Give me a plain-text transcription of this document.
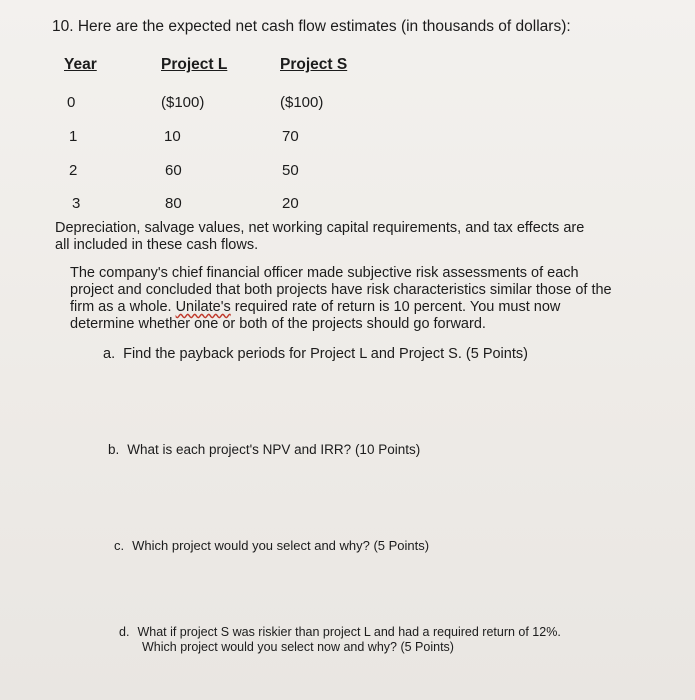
10. Here are the expected net cash flow estimates (in thousands of dollars):
Year	Project L	Project S
0	($100)	($100)
1	10	70
2	60	50
3	80	20
Depreciation, salvage values, net working capital requirements, and tax effects are
all included in these cash flows.
The company's chief financial officer made subjective risk assessments of each
project and concluded that both projects have risk characteristics similar those of the
firm as a whole. Unilate's required rate of return is 10 percent. You must now
determine whether one or both of the projects should go forward.
a. Find the payback periods for Project L and Project S. (5 Points)
b. What is each project's NPV and IRR? (10 Points)
c. Which project would you select and why? (5 Points)
d. What if project S was riskier than project L and had a required return of 12%.
Which project would you select now and why? (5 Points)
